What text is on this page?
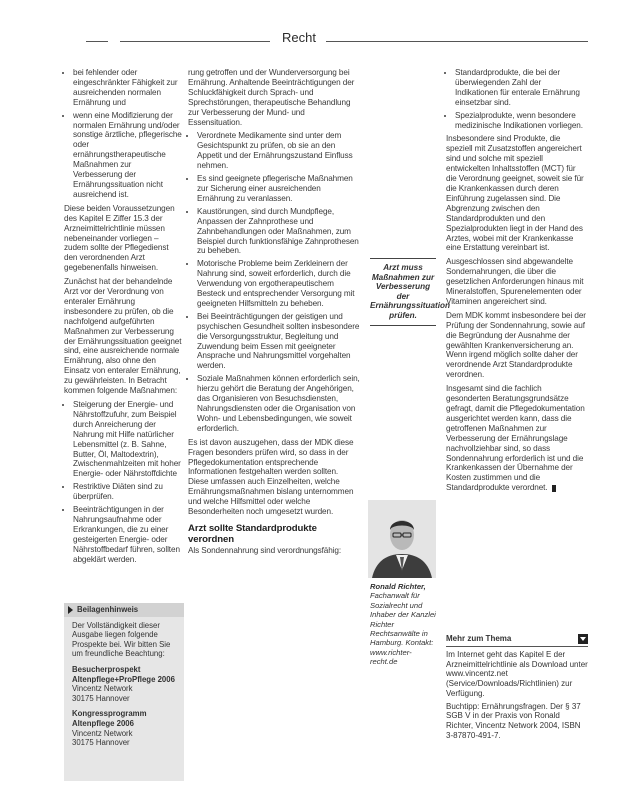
Recht
• bei fehlender oder eingeschränkter Fähigkeit zur ausreichenden normalen Ernährung und
• wenn eine Modifizierung der normalen Ernährung und/oder sonstige ärztliche, pflegerische oder ernährungstherapeutische Maßnahmen zur Verbesserung der Ernährungssituation nicht ausreichend ist.

Diese beiden Voraussetzungen des Kapitel E Ziffer 15.3 der Arzneimittelrichtlinie müssen nebeneinander vorliegen – zudem sollte der Pflegedienst den verordnenden Arzt gegebenenfalls hinweisen.

Zunächst hat der behandelnde Arzt vor der Verordnung von enteraler Ernährung insbesondere zu prüfen, ob die nachfolgend aufgeführten Maßnahmen zur Verbesserung der Ernährungssituation geeignet sind, eine ausreichende normale Ernährung, also ohne den Einsatz von enteraler Ernährung, zu gewährleisten. In Betracht kommen folgende Maßnahmen:

• Steigerung der Energie- und Nährstoffzufuhr, zum Beispiel durch Anreicherung der Nahrung mit Hilfe natürlicher Lebensmittel (z. B. Sahne, Butter, Öl, Maltodextrin), Zwischenmahlzeiten mit hoher Energie- oder Nährstoffdichte
• Restriktive Diäten sind zu überprüfen.
• Beeinträchtigungen in der Nahrungsaufnahme oder Erkrankungen, die zu einer gesteigerten Energie- oder Nährstoffbedarf führen, sollten abgeklärt werden.
Beilagenhinweis

Der Vollständigkeit dieser Ausgabe liegen folgende Prospekte bei. Wir bitten Sie um freundliche Beachtung:

Besucherprospekt Altenpflege+ProPflege 2006
Vincentz Network
30175 Hannover

Kongressprogramm Altenpflege 2006
Vincentz Network
30175 Hannover

rung getroffen und der Wunderversorgung bei Ernährung. Anhaltende Beeinträchtigungen der Schluckfähigkeit durch Sprach- und Sprechstörungen, therapeutische Behandlung zur Verbesserung der Mund- und Essensituation.

• Verordnete Medikamente sind unter dem Gesichtspunkt zu prüfen, ob sie an den Appetit und der Ernährungszustand Einfluss nehmen.
• Es sind geeignete pflegerische Maßnahmen zur Sicherung einer ausreichenden Ernährung zu veranlassen.
• Kaustörungen, sind durch Mundpflege, Anpassen der Zahnprothese und Zahnbehandlungen oder Maßnahmen, zum Beispiel durch funktionsfähige Zahnprothesen zu beheben.
• Motorische Probleme beim Zerkleinern der Nahrung sind, soweit erforderlich, durch die Verwendung von ergotherapeutischem Besteck und entsprechender Versorgung mit geeigneten Hilfsmitteln zu beheben.
• Bei Beeinträchtigungen der geistigen und psychischen Gesundheit sollten insbesondere die Versorgungsstruktur, Begleitung und Zuwendung beim Essen mit geeigneter Ansprache und Nahrungsmittel vorgehalten werden.
• Soziale Maßnahmen können erforderlich sein, hierzu gehört die Beratung der Angehörigen, das Organisieren von Besuchsdiensten, Nahrungsdiensten oder die Organisation von Wohn- und Lebensbedingungen, wie soweit erforderlich.

Es ist davon auszugehen, dass der MDK diese Fragen besonders prüfen wird, so dass in der Pflegedokumentation entsprechende Informationen festgehalten werden sollten. Diese umfassen auch Einzelheiten, welche Ernährungsmaßnahmen bislang unternommen und welche Hilfsmittel oder welche Besonderheiten noch umgesetzt wurden.

Arzt sollte Standardprodukte verordnen

Als Sondennahrung sind verordnungsfähig:

Arzt muss Maßnahmen zur Verbesserung der Ernährungssituation prüfen.
Ronald Richter, Fachanwalt für Sozialrecht und Inhaber der Kanzlei Richter Rechtsanwälte in Hamburg. Kontakt: www.richter-recht.de
• Standardprodukte, die bei der überwiegenden Zahl der Indikationen für enterale Ernährung einsetzbar sind.
• Spezialprodukte, wenn besondere medizinische Indikationen vorliegen.

Insbesondere sind Produkte, die speziell mit Zusatzstoffen angereichert sind und solche mit speziell entwickelten Inhaltsstoffen (MCT) für die Verordnung geeignet, soweit sie für die Krankenkassen durch deren Einführung zugelassen sind. Die Abgrenzung zwischen den Standardprodukten und den Spezialprodukten liegt in der Hand des Arztes, wobei mit der Krankenkasse eine Erstattung vereinbart ist.

Ausgeschlossen sind abgewandelte Sondernahrungen, die über die gesetzlichen Anforderungen hinaus mit Mineralstoffen, Spurenelementen oder Vitaminen angereichert sind.

Dem MDK kommt insbesondere bei der Prüfung der Sondennahrung, sowie auf die Begründung der Ausnahme der gewählten Krankenversicherung an. Wenn irgend möglich sollte daher der verordnende Arzt Standardprodukte verordnen.

Insgesamt sind die fachlich gesonderten Beratungsgrundsätze gefragt, damit die Pflegedokumentation ausgerichtet werden kann, dass die getroffenen Maßnahmen zur Verbesserung der Ernährungslage nachvollziehbar sind, so dass Sondennahrung erforderlich ist und die Krankenkassen der Übernahme der Kosten zustimmen und die Standardprodukte verordnet.

Mehr zum Thema

Im Internet geht das Kapitel E der Arzneimittelrichtlinie als Download unter www.vincentz.net (Service/Downloads/Richtlinien) zur Verfügung.

Buchtipp: Ernährungsfragen. Der § 37 SGB V in der Praxis von Ronald Richter, Vincentz Network 2004, ISBN 3-87870-491-7.
